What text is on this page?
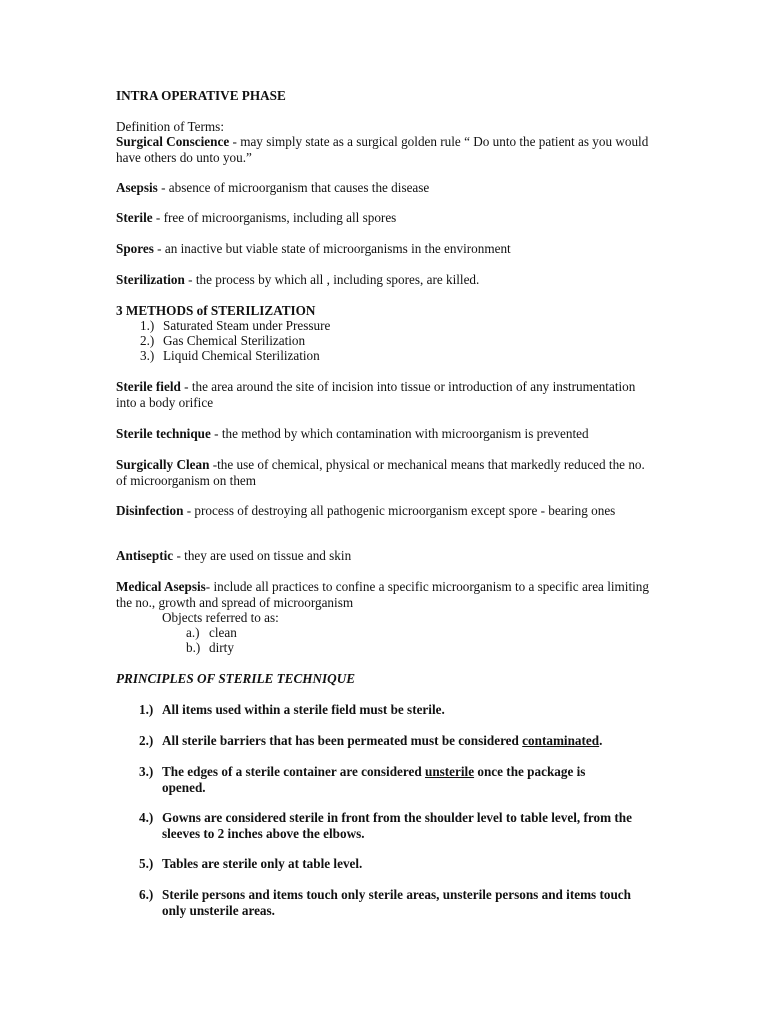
INTRA OPERATIVE PHASE
Definition of Terms:
Surgical Conscience - may simply state as a surgical golden rule “ Do unto the patient as you would have others do unto you.”
Asepsis - absence of microorganism that causes the disease
Sterile - free of microorganisms, including all spores
Spores - an inactive but viable state of microorganisms in the environment
Sterilization - the process by which all , including spores, are killed.
3 METHODS of STERILIZATION
1.) Saturated Steam under Pressure
2.) Gas Chemical Sterilization
3.) Liquid Chemical Sterilization
Sterile field - the area around the site of incision into tissue or introduction of any instrumentation into a body orifice
Sterile technique - the method by which contamination with microorganism is prevented
Surgically Clean -the use of chemical, physical or mechanical means that markedly reduced the no. of microorganism on them
Disinfection - process of destroying all pathogenic microorganism except spore - bearing ones
Antiseptic - they are used on tissue and skin
Medical Asepsis- include all practices to confine a specific microorganism to a specific area limiting the no., growth and spread of microorganism
Objects referred to as:
a.) clean
b.) dirty
PRINCIPLES OF STERILE TECHNIQUE
1.) All items used within a sterile field must be sterile.
2.) All sterile barriers that has been permeated must be considered contaminated.
3.) The edges of a sterile container are considered unsterile once the package is opened.
4.) Gowns are considered sterile in front from the shoulder level to table level, from the sleeves to 2 inches above the elbows.
5.) Tables are sterile only at table level.
6.) Sterile persons and items touch only sterile areas, unsterile persons and items touch only unsterile areas.
